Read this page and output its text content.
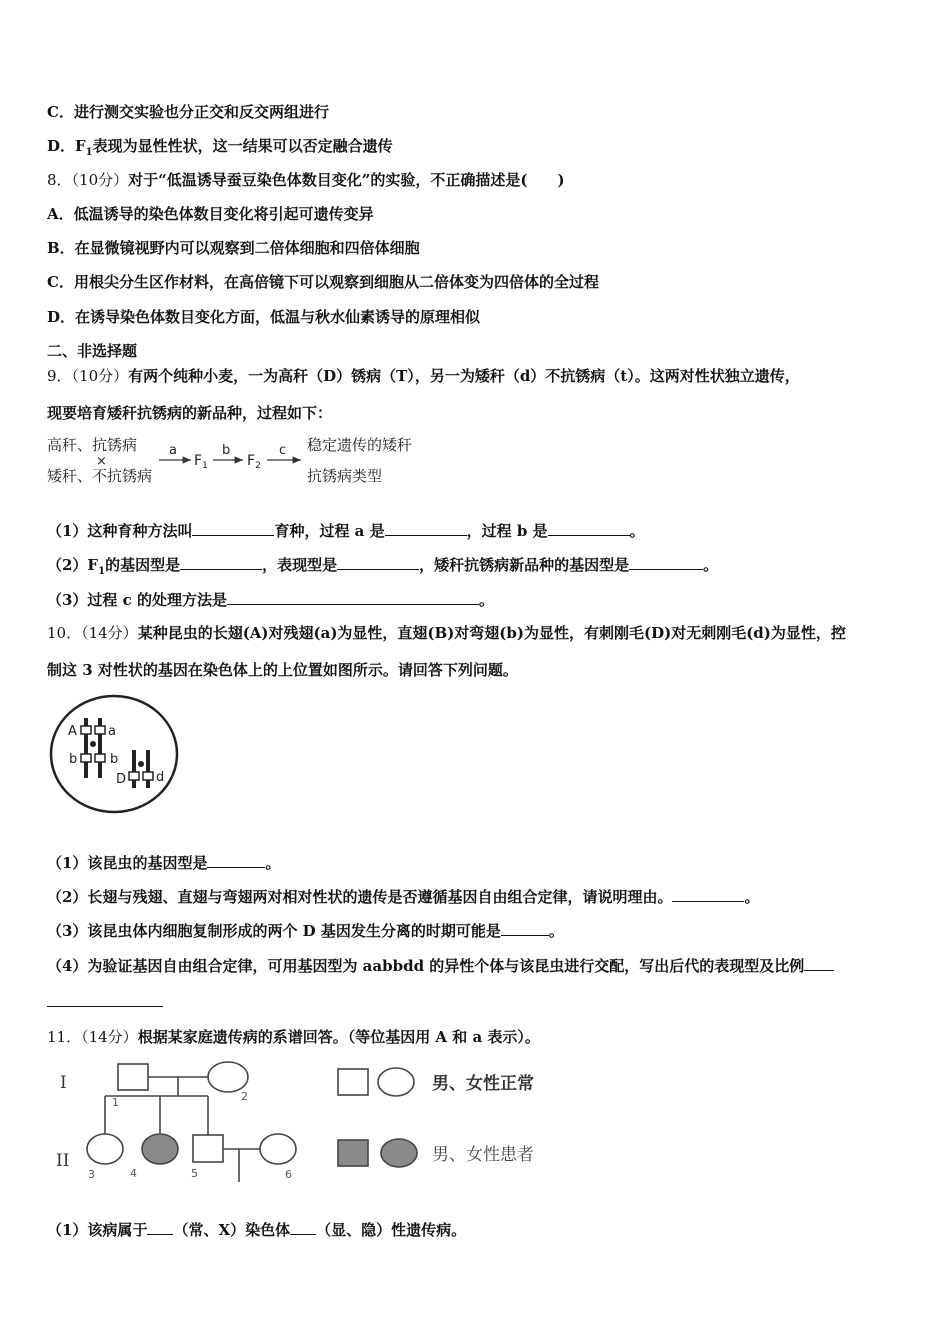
C．进行测交实验也分正交和反交两组进行
D．$F_1$表现为显性性状，这一结果可以否定融合遗传
8．（10分）对于“低温诱导蚕豆染色体数目变化”的实验，不正确描述是(　　)
A．低温诱导的染色体数目变化将引起可遗传变异
B．在显微镜视野内可以观察到二倍体细胞和四倍体细胞
C．用根尖分生区作材料，在高倍镜下可以观察到细胞从二倍体变为四倍体的全过程
D．在诱导染色体数目变化方面，低温与秋水仙素诱导的原理相似
二、非选择题
9．（10分）有两个纯种小麦，一为高秆（D）锈病（T），另一为矮秆（d）不抗锈病（t）。这两对性状独立遗传，
现要培育矮秆抗锈病的新品种，过程如下：
高秆、抗锈病
×
矮秆、不抗锈病
a
$F_1$
b
$F_2$
c 稳定遗传的矮秆
抗锈病类型
（1）这种育种方法叫	育种，过程 a 是	，过程 b 是	。
$(2)F_1$的基因型是	，表现型是	，矮秆抗锈病新品种的基因型是	。
（3）过程 c 的处理方法是	。
10．（14分）某种昆虫的长翅(A)对残翅(a)为显性，直翅(B)对弯翅(b)为显性，有刺刚毛(D)对无刺刚毛(d)为显性，控
制这 3 对性状的基因在染色体上的上位置如图所示。请回答下列问题。
A a
b	b
D d
（1）该昆虫的基因型是	。
（2）长翅与残翅、直翅与弯翅两对相对性状的遗传是否遵循基因自由组合定律，请说明理由。	。
（3）该昆虫体内细胞复制形成的两个 D 基因发生分离的时期可能是	。
（4）为验证基因自由组合定律，可用基因型为 aabbdd 的异性个体与该昆虫进行交配，写出后代的表现型及比例
11．（14分）根据某家庭遗传病的系谱回答。（等位基因用 A 和 a 表示）。
I
II
1	2
3	4	5	6
男、女性正常
男、女性患者
（1）该病属于 （常、X）染色体 （显、隐）性遗传病。
